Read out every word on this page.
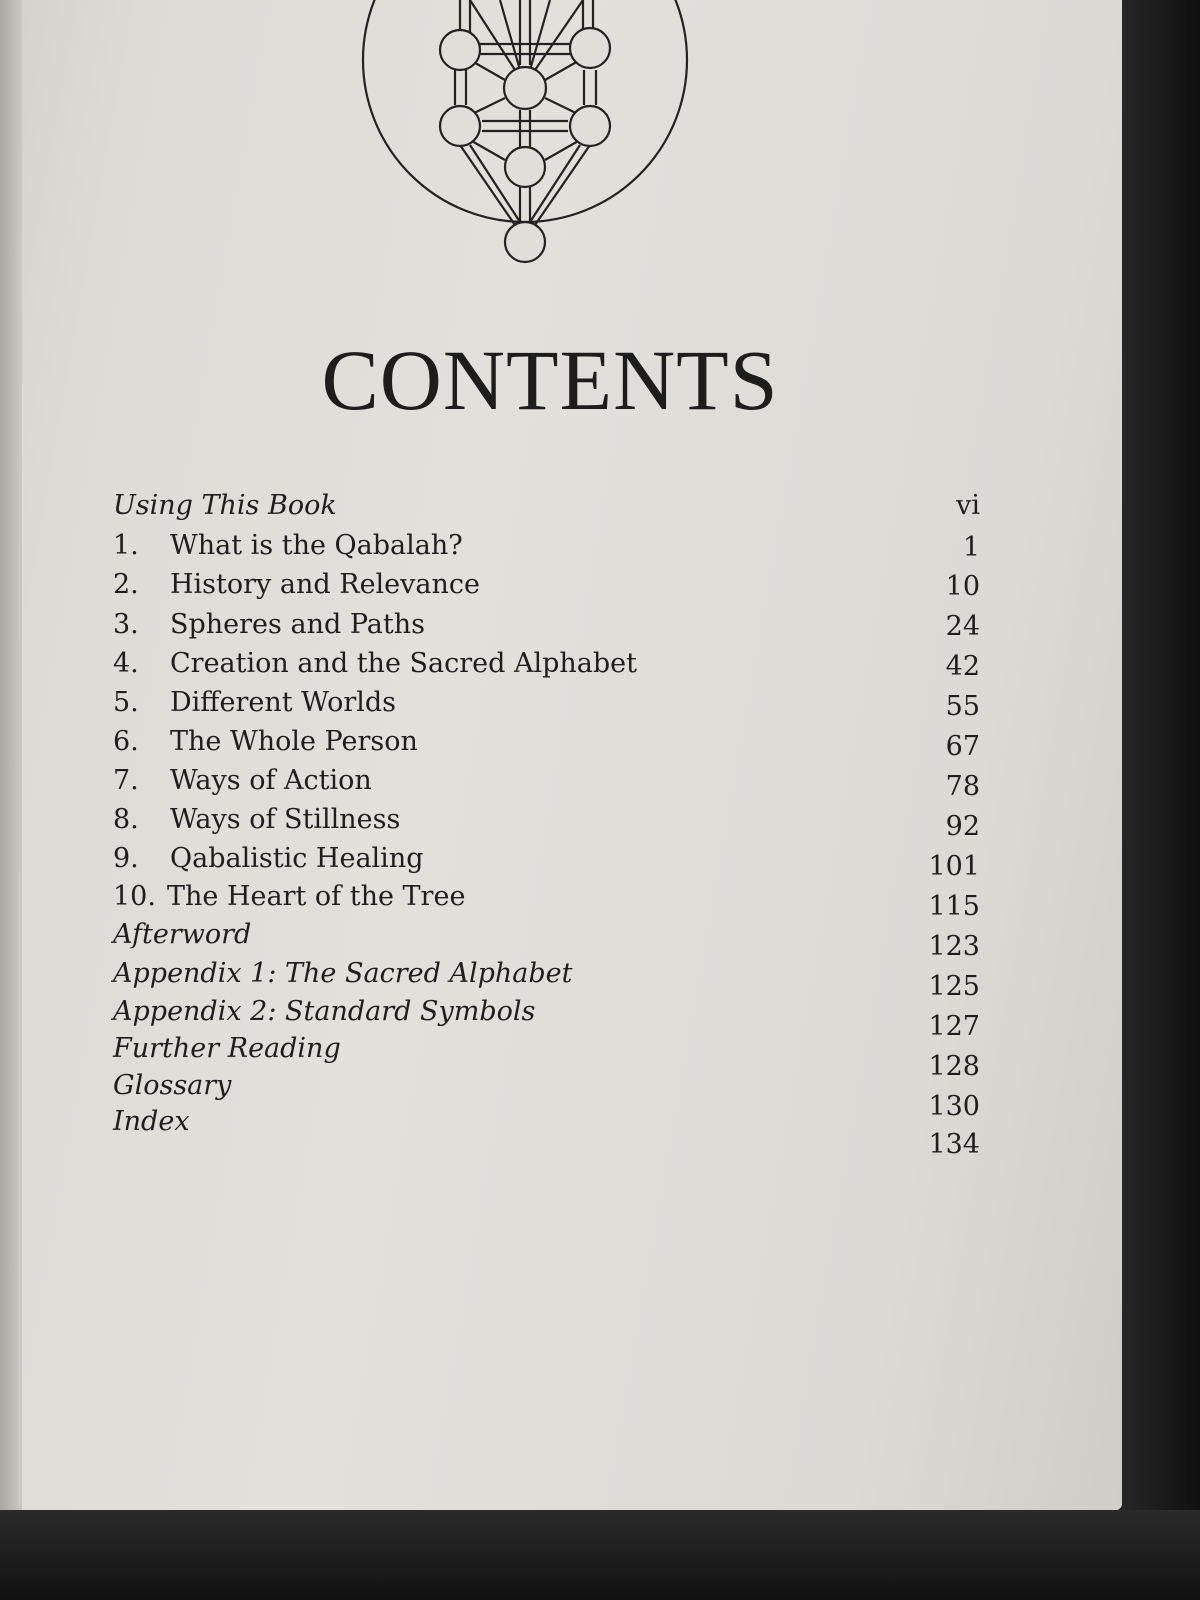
CONTENTS
Using This Book
1. What is the Qabalah?
2. History and Relevance
3. Spheres and Paths
4. Creation and the Sacred Alphabet
5. Different Worlds
6. The Whole Person
7. Ways of Action
8. Ways of Stillness
9. Qabalistic Healing
10. The Heart of the Tree
Afterword
Appendix 1: The Sacred Alphabet
Appendix 2: Standard Symbols
Further Reading
Glossary
Index
vi
1
10
24
42
55
67
78
92
101
115
123
125
127
128
130
134
